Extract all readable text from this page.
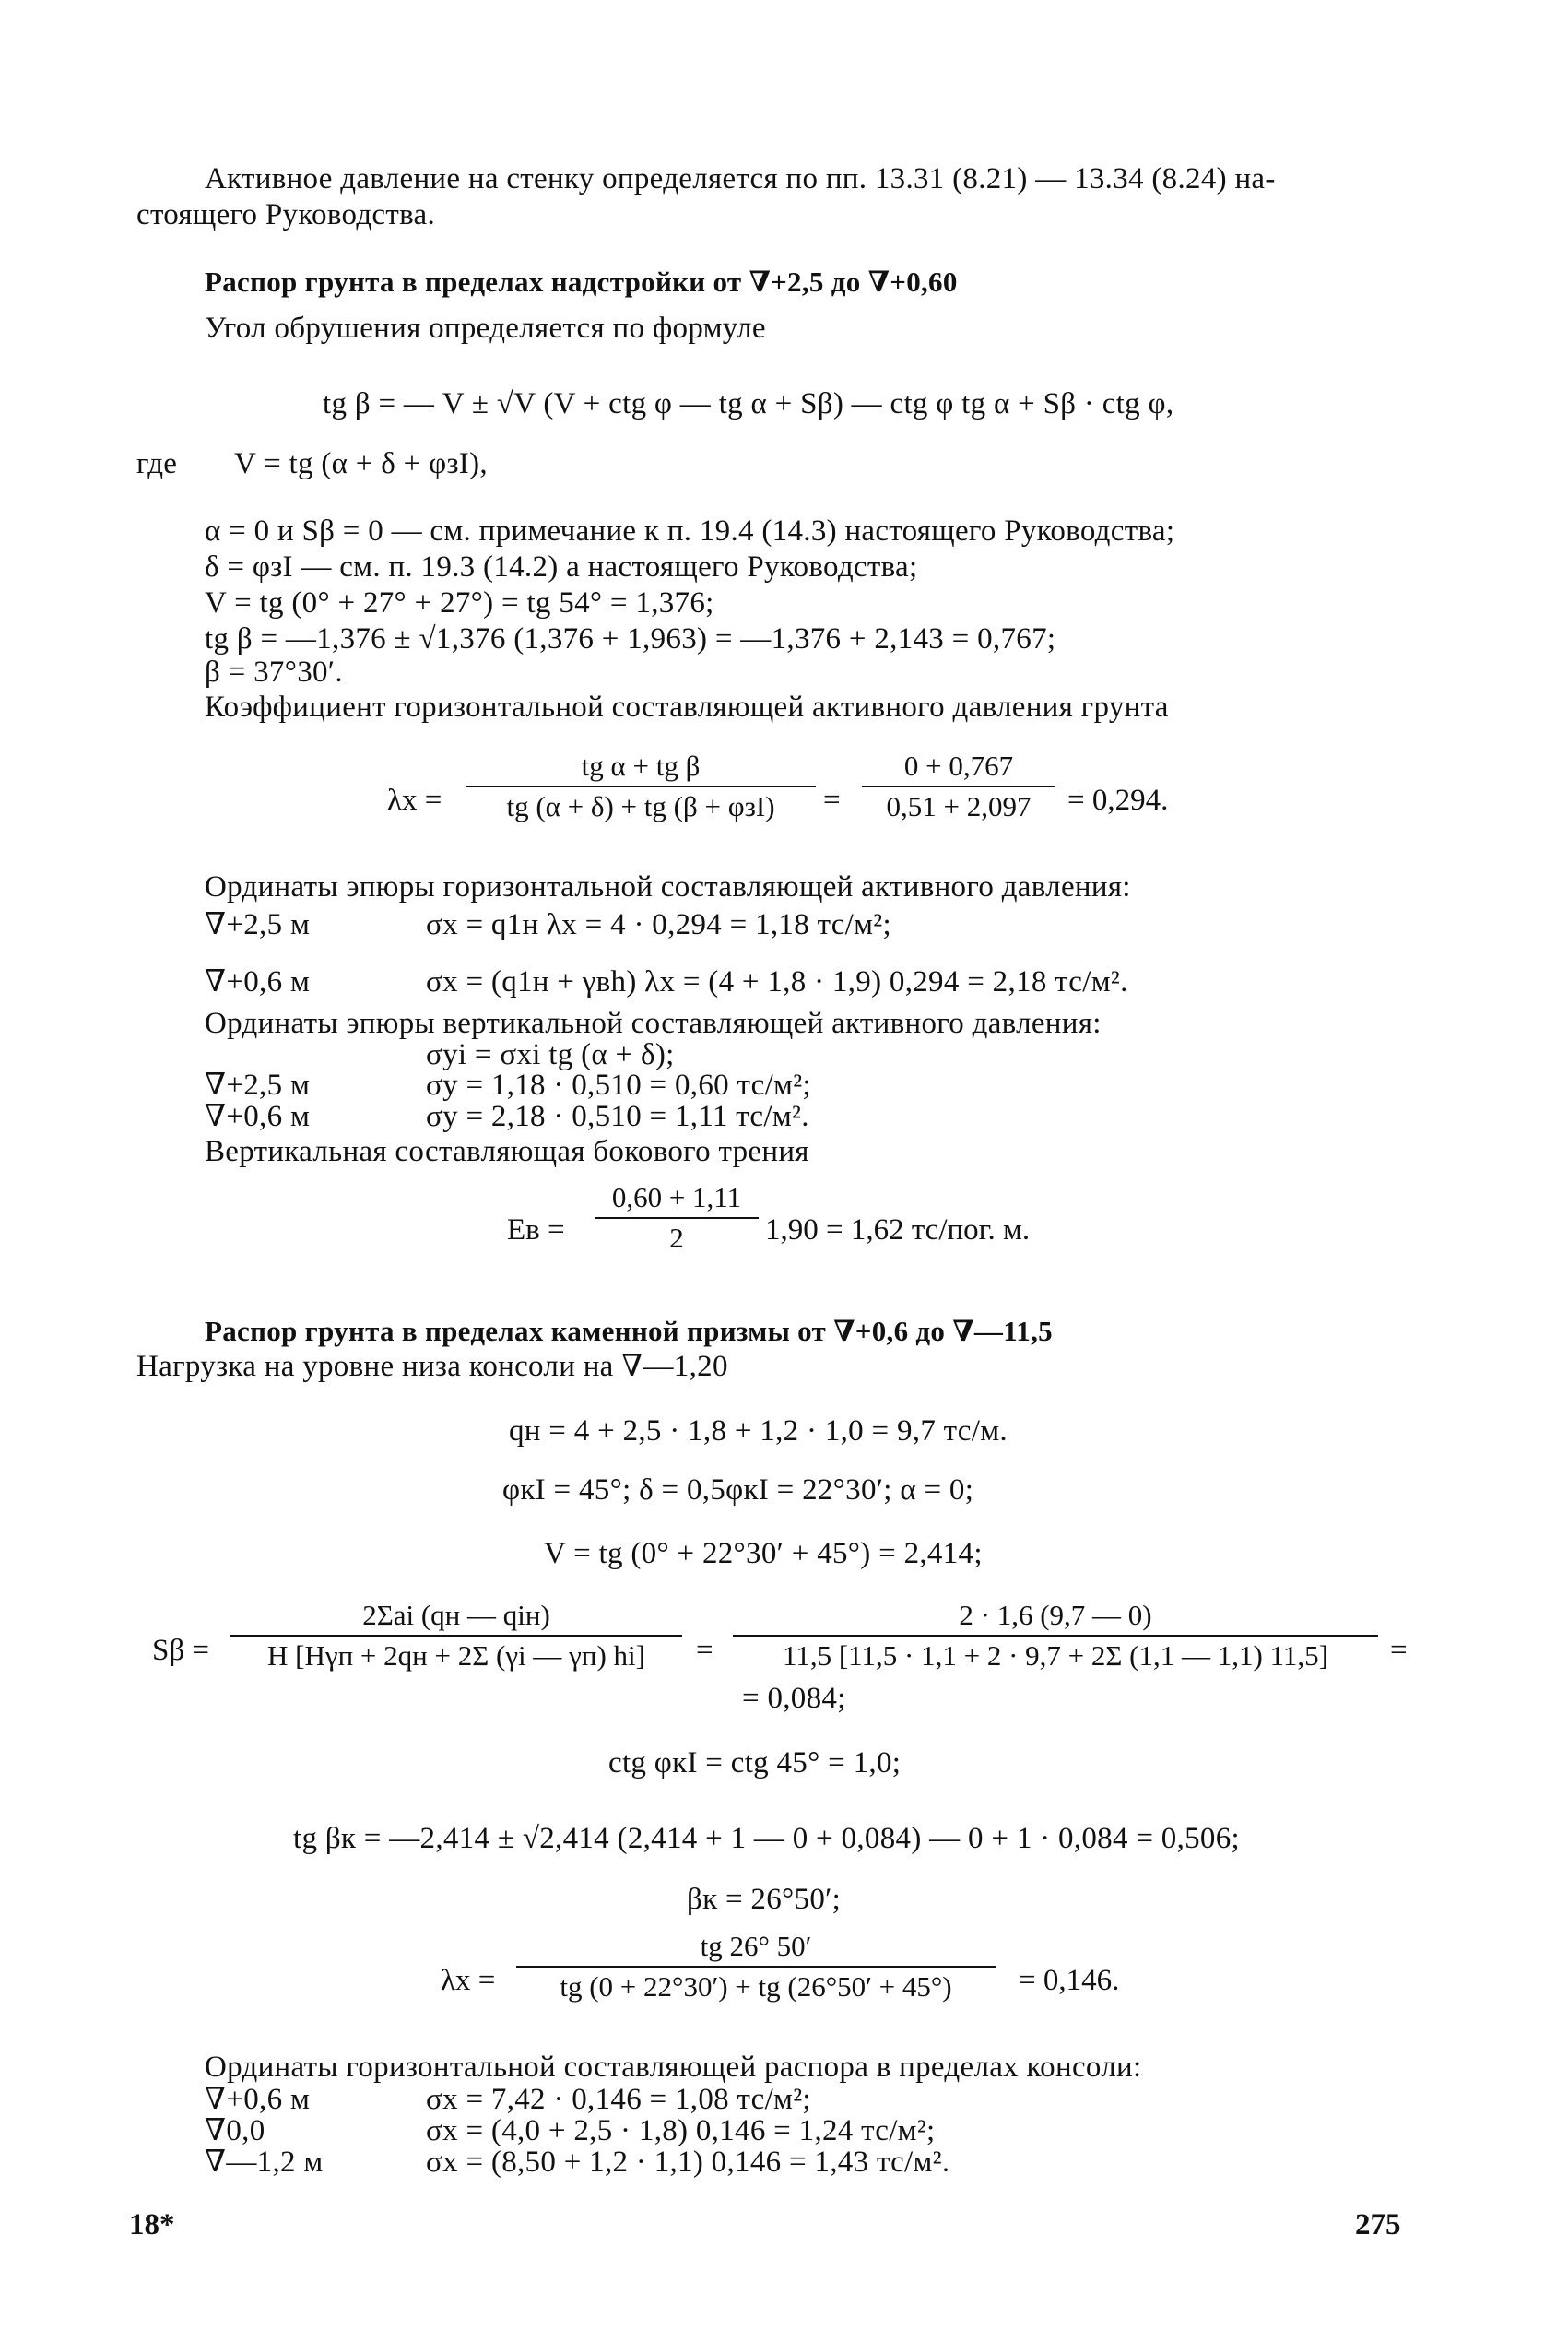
Активное давление на стенку определяется по пп. 13.31 (8.21) — 13.34 (8.24) на-
стоящего Руководства.
Распор грунта в пределах надстройки от ∇+2,5 до ∇+0,60
Угол обрушения определяется по формуле
tg β = — V ± √V (V + ctg φ — tg α + Sβ) — ctg φ tg α + Sβ · ctg φ,
где V = tg (α + δ + φзI),
α = 0 и Sβ = 0 — см. примечание к п. 19.4 (14.3) настоящего Руководства;
δ = φзI — см. п. 19.3 (14.2) а настоящего Руководства;
V = tg (0° + 27° + 27°) = tg 54° = 1,376;
tg β = —1,376 ± √1,376 (1,376 + 1,963) = —1,376 + 2,143 = 0,767;
β = 37°30′.
Коэффициент горизонтальной составляющей активного давления грунта
λx =
tg α + tg β
tg (α + δ) + tg (β + φзI)	=
0 + 0,767
0,51 + 2,097	= 0,294.
Ординаты эпюры горизонтальной составляющей активного давления:
∇+2,5 м	σx = q1н λx = 4 · 0,294 = 1,18 тс/м²;
∇+0,6 м	σx = (q1н + γвh) λx = (4 + 1,8 · 1,9) 0,294 = 2,18 тс/м².
Ординаты эпюры вертикальной составляющей активного давления:
σyi = σxi tg (α + δ);
∇+2,5 м	σy = 1,18 · 0,510 = 0,60 тс/м²;
∇+0,6 м	σy = 2,18 · 0,510 = 1,11 тс/м².
Вертикальная составляющая бокового трения
Eв =
0,60 + 1,11
2	1,90 = 1,62 тс/пог. м.
Распор грунта в пределах каменной призмы от ∇+0,6 до ∇—11,5
Нагрузка на уровне низа консоли на ∇—1,20
qн = 4 + 2,5 · 1,8 + 1,2 · 1,0 = 9,7 тс/м.
φкI = 45°; δ = 0,5φкI = 22°30′; α = 0;
V = tg (0° + 22°30′ + 45°) = 2,414;
Sβ =
2Σai (qн — qiн)
H [Hγп + 2qн + 2Σ (γi — γп) hi]	=
2 · 1,6 (9,7 — 0)
11,5 [11,5 · 1,1 + 2 · 9,7 + 2Σ (1,1 — 1,1) 11,5]	=
= 0,084;
ctg φкI = ctg 45° = 1,0;
tg βк = —2,414 ± √2,414 (2,414 + 1 — 0 + 0,084) — 0 + 1 · 0,084 = 0,506;
βк = 26°50′;
λx =
tg 26° 50′
tg (0 + 22°30′) + tg (26°50′ + 45°)	= 0,146.
Ординаты горизонтальной составляющей распора в пределах консоли:
∇+0,6 м	σx = 7,42 · 0,146 = 1,08 тс/м²;
∇0,0	σx = (4,0 + 2,5 · 1,8) 0,146 = 1,24 тс/м²;
∇—1,2 м	σx = (8,50 + 1,2 · 1,1) 0,146 = 1,43 тс/м².
18*	275
